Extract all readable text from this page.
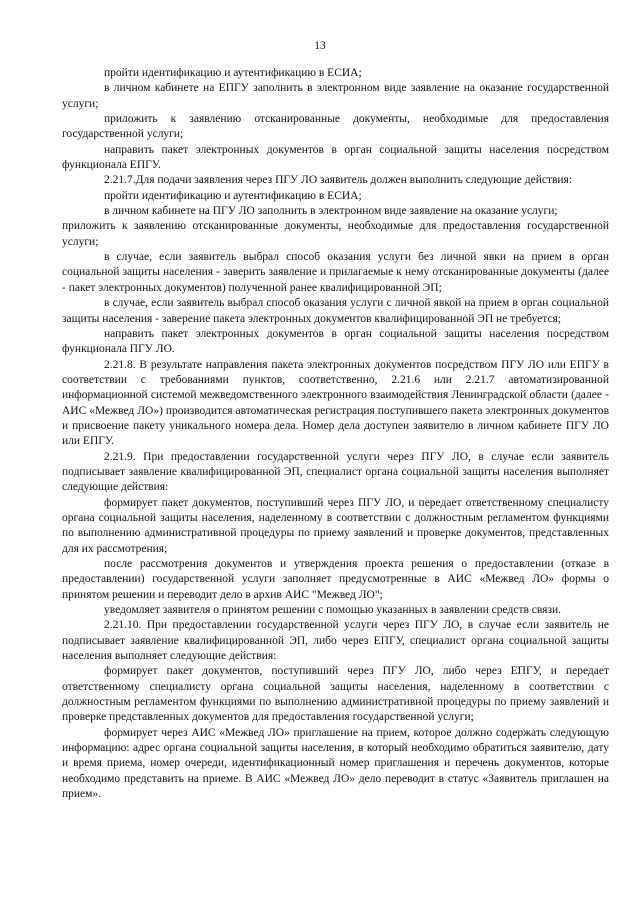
13

пройти идентификацию и аутентификацию в ЕСИА;

в личном кабинете на ЕПГУ заполнить в электронном виде заявление на оказание государственной услуги;

приложить к заявлению отсканированные документы, необходимые для предоставления государственной услуги;

направить пакет электронных документов в орган социальной защиты населения посредством функционала ЕПГУ.

2.21.7.Для подачи заявления через ПГУ ЛО заявитель должен выполнить следующие действия:

пройти идентификацию и аутентификацию в ЕСИА;

в личном кабинете на ПГУ ЛО заполнить в электронном виде заявление на оказание услуги;

приложить к заявлению отсканированные документы, необходимые для предоставления государственной услуги;

в случае, если заявитель выбрал способ оказания услуги без личной явки на прием в орган социальной защиты населения - заверить заявление и прилагаемые к нему отсканированные документы (далее - пакет электронных документов) полученной ранее квалифицированной ЭП;

в случае, если заявитель выбрал способ оказания услуги с личной явкой на прием в орган социальной защиты населения - заверение пакета электронных документов квалифицированной ЭП не требуется;

направить пакет электронных документов в орган социальной защиты населения посредством функционала ПГУ ЛО.

2.21.8. В результате направления пакета электронных документов посредством ПГУ ЛО или ЕПГУ в соответствии с требованиями пунктов, соответственно, 2.21.6 или 2.21.7 автоматизированной информационной системой межведомственного электронного взаимодействия Ленинградской области (далее - АИС «Межвед ЛО») производится автоматическая регистрация поступившего пакета электронных документов и присвоение пакету уникального номера дела. Номер дела доступен заявителю в личном кабинете ПГУ ЛО или ЕПГУ.

2.21.9. При предоставлении государственной услуги через ПГУ ЛО, в случае если заявитель подписывает заявление квалифицированной ЭП, специалист органа социальной защиты населения выполняет следующие действия:

формирует пакет документов, поступивший через ПГУ ЛО, и передает ответственному специалисту органа социальной защиты населения, наделенному в соответствии с должностным регламентом функциями по выполнению административной процедуры по приему заявлений и проверке документов, представленных для их рассмотрения;

после рассмотрения документов и утверждения проекта решения о предоставлении (отказе в предоставлении) государственной услуги заполняет предусмотренные в АИС «Межвед ЛО» формы о принятом решении и переводит дело в архив АИС "Межвед ЛО";

уведомляет заявителя о принятом решении с помощью указанных в заявлении средств связи.

2.21.10. При предоставлении государственной услуги через ПГУ ЛО, в случае если заявитель не подписывает заявление квалифицированной ЭП, либо через ЕПГУ, специалист органа социальной защиты населения выполняет следующие действия:

формирует пакет документов, поступивший через ПГУ ЛО, либо через ЕПГУ, и передает ответственному специалисту органа социальной защиты населения, наделенному в соответствии с должностным регламентом функциями по выполнению административной процедуры по приему заявлений и проверке представленных документов для предоставления государственной услуги;

формирует через АИС «Межвед ЛО» приглашение на прием, которое должно содержать следующую информацию: адрес органа социальной защиты населения, в который необходимо обратиться заявителю, дату и время приема, номер очереди, идентификационный номер приглашения и перечень документов, которые необходимо представить на приеме. В АИС «Межвед ЛО» дело переводит в статус «Заявитель приглашен на прием».
